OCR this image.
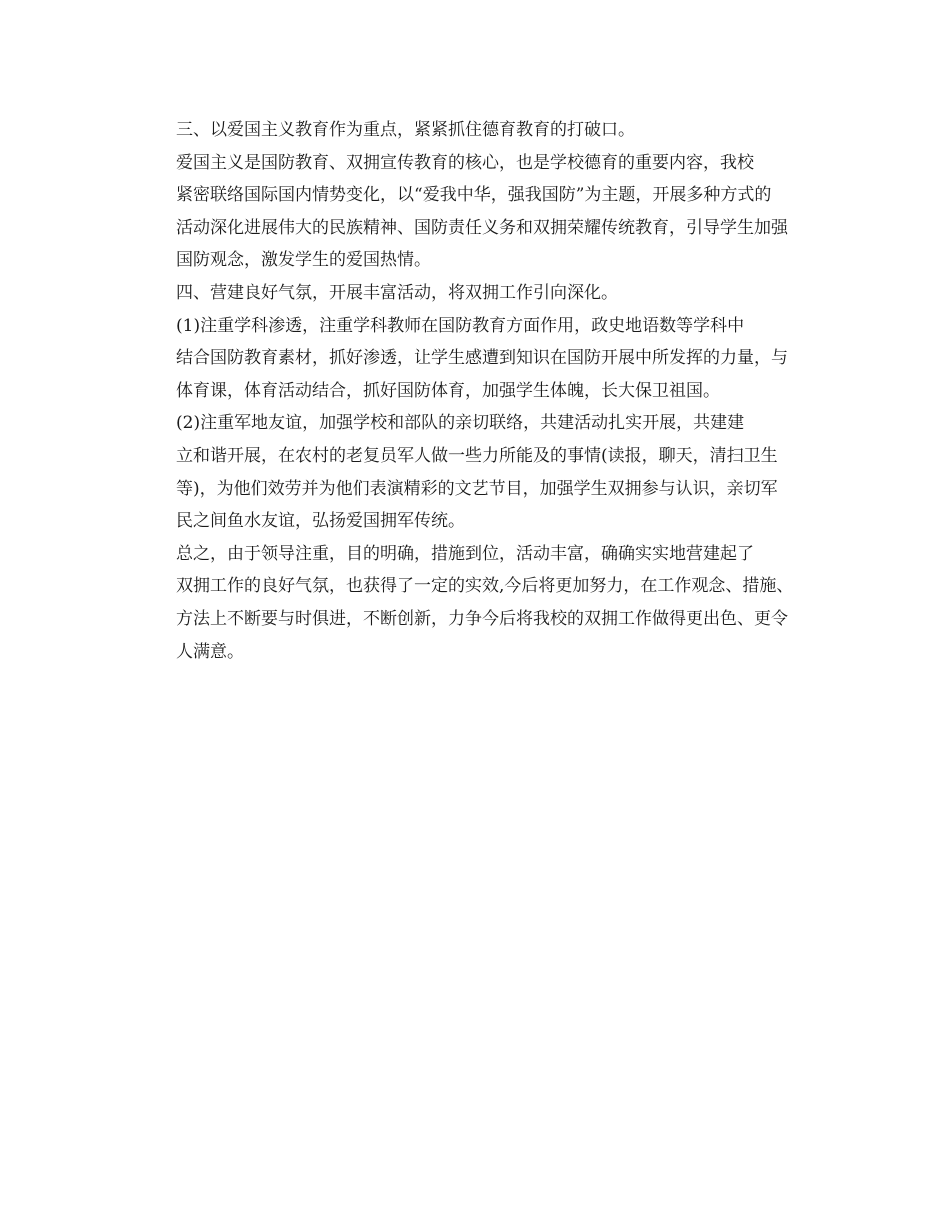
三、以爱国主义教育作为重点，紧紧抓住德育教育的打破口。

爱国主义是国防教育、双拥宣传教育的核心，也是学校德育的重要内容，我校
紧密联络国际国内情势变化，以“爱我中华，强我国防”为主题，开展多种方式的
活动深化进展伟大的民族精神、国防责任义务和双拥荣耀传统教育，引导学生加强
国防观念，激发学生的爱国热情。

四、营建良好气氛，开展丰富活动，将双拥工作引向深化。

(1)注重学科渗透，注重学科教师在国防教育方面作用，政史地语数等学科中
结合国防教育素材，抓好渗透，让学生感遭到知识在国防开展中所发挥的力量，与
体育课，体育活动结合，抓好国防体育，加强学生体魄，长大保卫祖国。

(2)注重军地友谊，加强学校和部队的亲切联络，共建活动扎实开展，共建建
立和谐开展，在农村的老复员军人做一些力所能及的事情(读报，聊天，清扫卫生
等)，为他们效劳并为他们表演精彩的文艺节目，加强学生双拥参与认识，亲切军
民之间鱼水友谊，弘扬爱国拥军传统。

总之，由于领导注重，目的明确，措施到位，活动丰富，确确实实地营建起了
双拥工作的良好气氛，也获得了一定的实效,今后将更加努力，在工作观念、措施、
方法上不断要与时俱进，不断创新，力争今后将我校的双拥工作做得更出色、更令
人满意。
